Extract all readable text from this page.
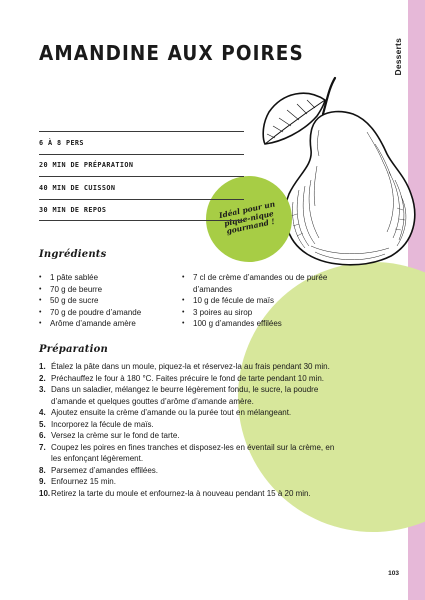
Desserts
Idéal pour un pique-nique gourmand !
AMANDINE AUX POIRES
6 À 8 PERS
20 MIN DE PRÉPARATION
40 MIN DE CUISSON
30 MIN DE REPOS
Ingrédients
• 1 pâte sablée
• 70 g de beurre
• 50 g de sucre
• 70 g de poudre d’amande
• Arôme d’amande amère
• 7 cl de crème d’amandes ou de purée d’amandes
• 10 g de fécule de maïs
• 3 poires au sirop
• 100 g d’amandes effilées
Préparation
1. Étalez la pâte dans un moule, piquez-la et réservez-la au frais pendant 30 min.

2. Préchauffez le four à 180 °C. Faites précuire le fond de tarte pendant 10 min.

3. Dans un saladier, mélangez le beurre légèrement fondu, le sucre, la poudre d’amande et quelques gouttes d’arôme d’amande amère.

4. Ajoutez ensuite la crème d’amande ou la purée tout en mélangeant.

5. Incorporez la fécule de maïs.

6. Versez la crème sur le fond de tarte.

7. Coupez les poires en fines tranches et disposez-les en éventail sur la crème, en les enfonçant légèrement.

8. Parsemez d’amandes effilées.

9. Enfournez 15 min.

10. Retirez la tarte du moule et enfournez-la à nouveau pendant 15 à 20 min.

103
